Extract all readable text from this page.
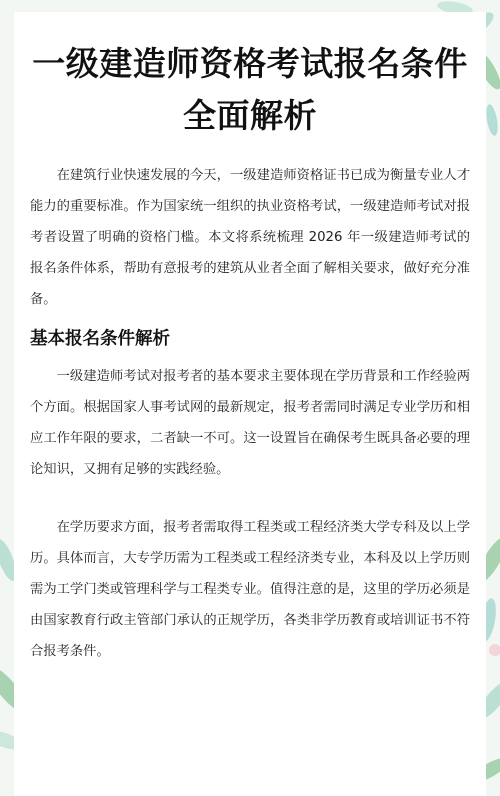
一级建造师资格考试报名条件
全面解析

在建筑行业快速发展的今天，一级建造师资格证书已成为衡量专业人才能力的重要标准。作为国家统一组织的执业资格考试，一级建造师考试对报考者设置了明确的资格门槛。本文将系统梳理 2026 年一级建造师考试的报名条件体系，帮助有意报考的建筑从业者全面了解相关要求，做好充分准备。

基本报名条件解析

一级建造师考试对报考者的基本要求主要体现在学历背景和工作经验两个方面。根据国家人事考试网的最新规定，报考者需同时满足专业学历和相应工作年限的要求，二者缺一不可。这一设置旨在确保考生既具备必要的理论知识，又拥有足够的实践经验。

在学历要求方面，报考者需取得工程类或工程经济类大学专科及以上学历。具体而言，大专学历需为工程类或工程经济类专业，本科及以上学历则需为工学门类或管理科学与工程类专业。值得注意的是，这里的学历必须是由国家教育行政主管部门承认的正规学历，各类非学历教育或培训证书不符合报考条件。
